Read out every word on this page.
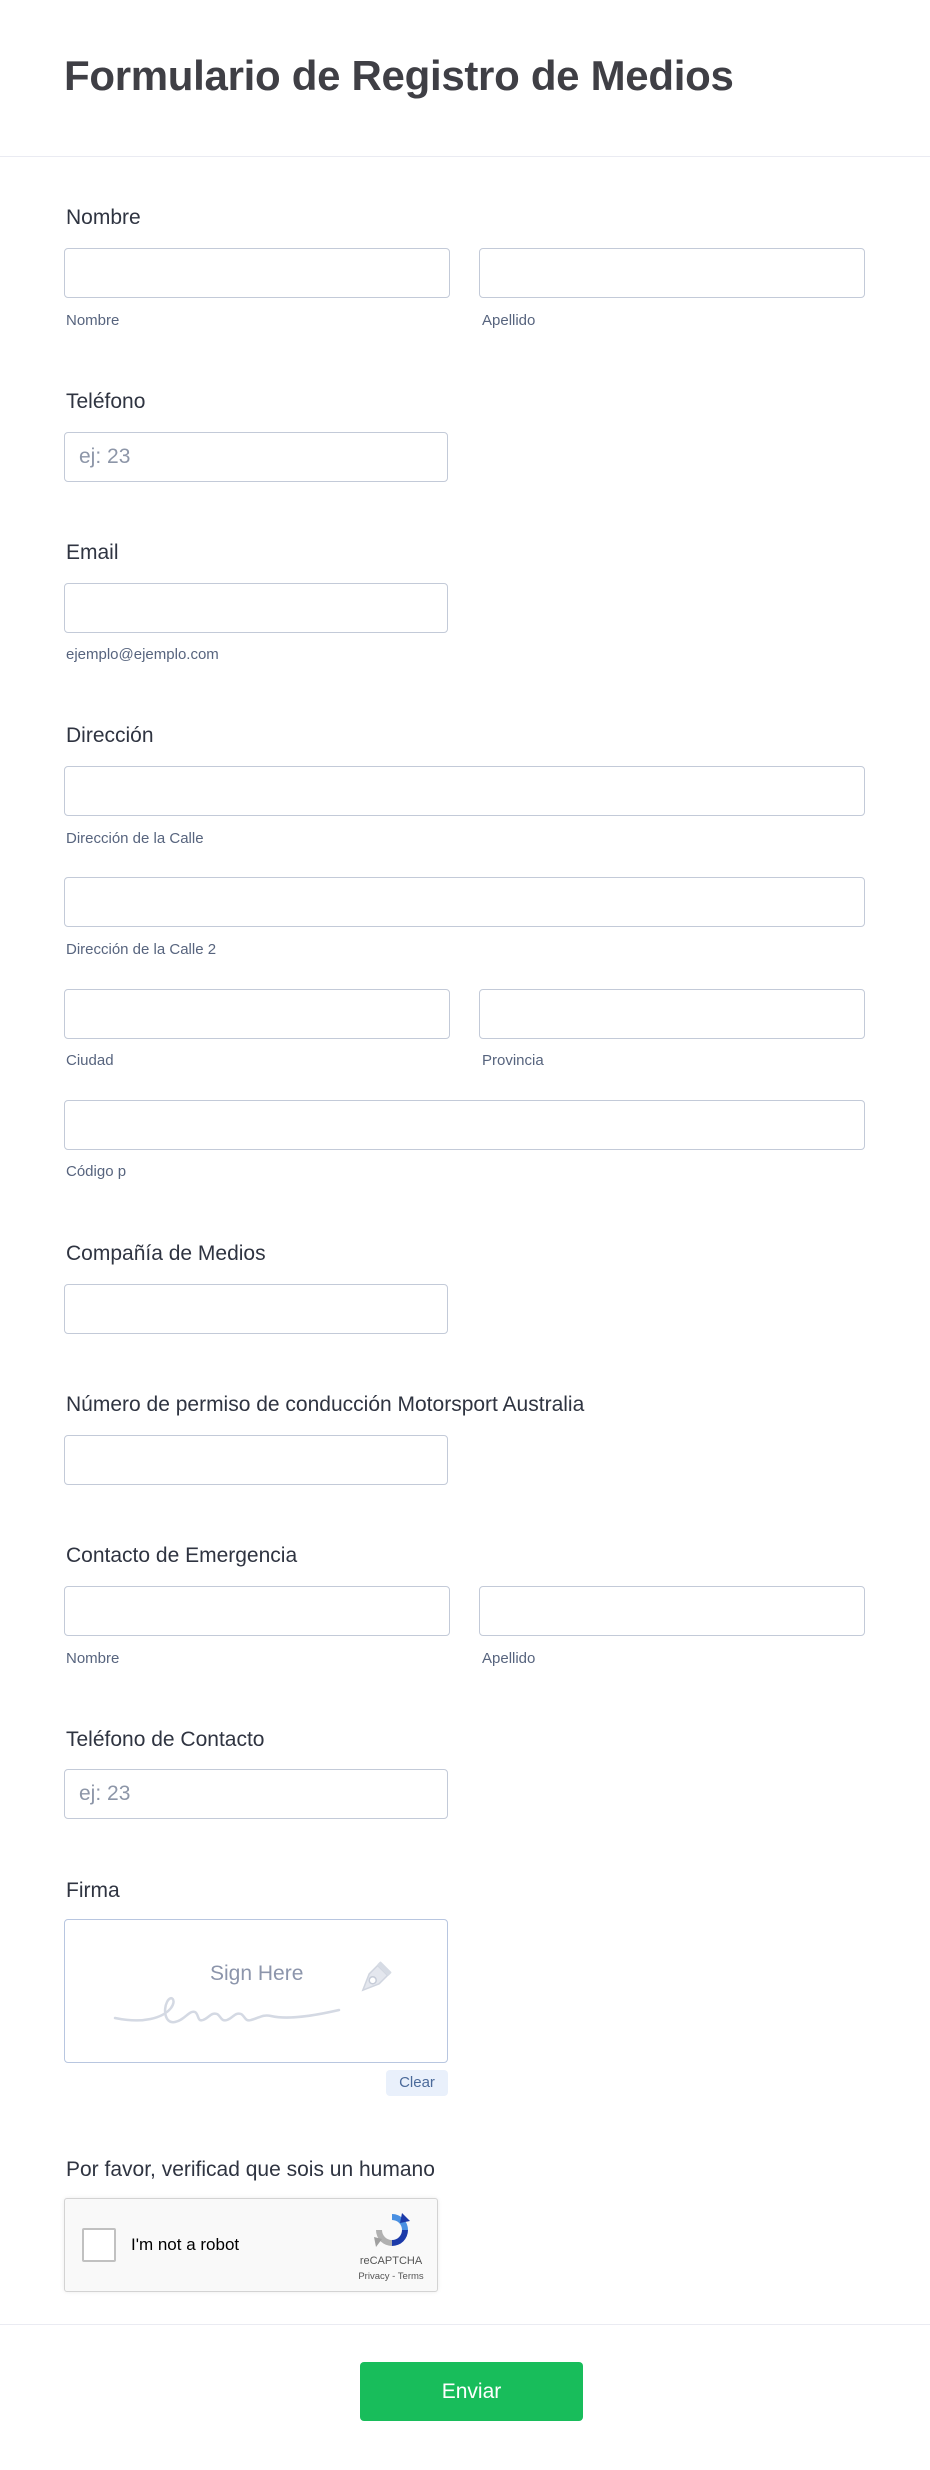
Formulario de Registro de Medios
Nombre
Nombre	Apellido
Teléfono
ej: 23
Email
ejemplo@ejemplo.com
Dirección
Dirección de la Calle
Dirección de la Calle 2
Ciudad	Provincia
Código p
Compañía de Medios
Número de permiso de conducción Motorsport Australia
Contacto de Emergencia
Nombre	Apellido
Teléfono de Contacto
ej: 23
Firma
Sign Here
Clear
Por favor, verificad que sois un humano
I'm not a robot
reCAPTCHA
Privacy - Terms
Enviar
